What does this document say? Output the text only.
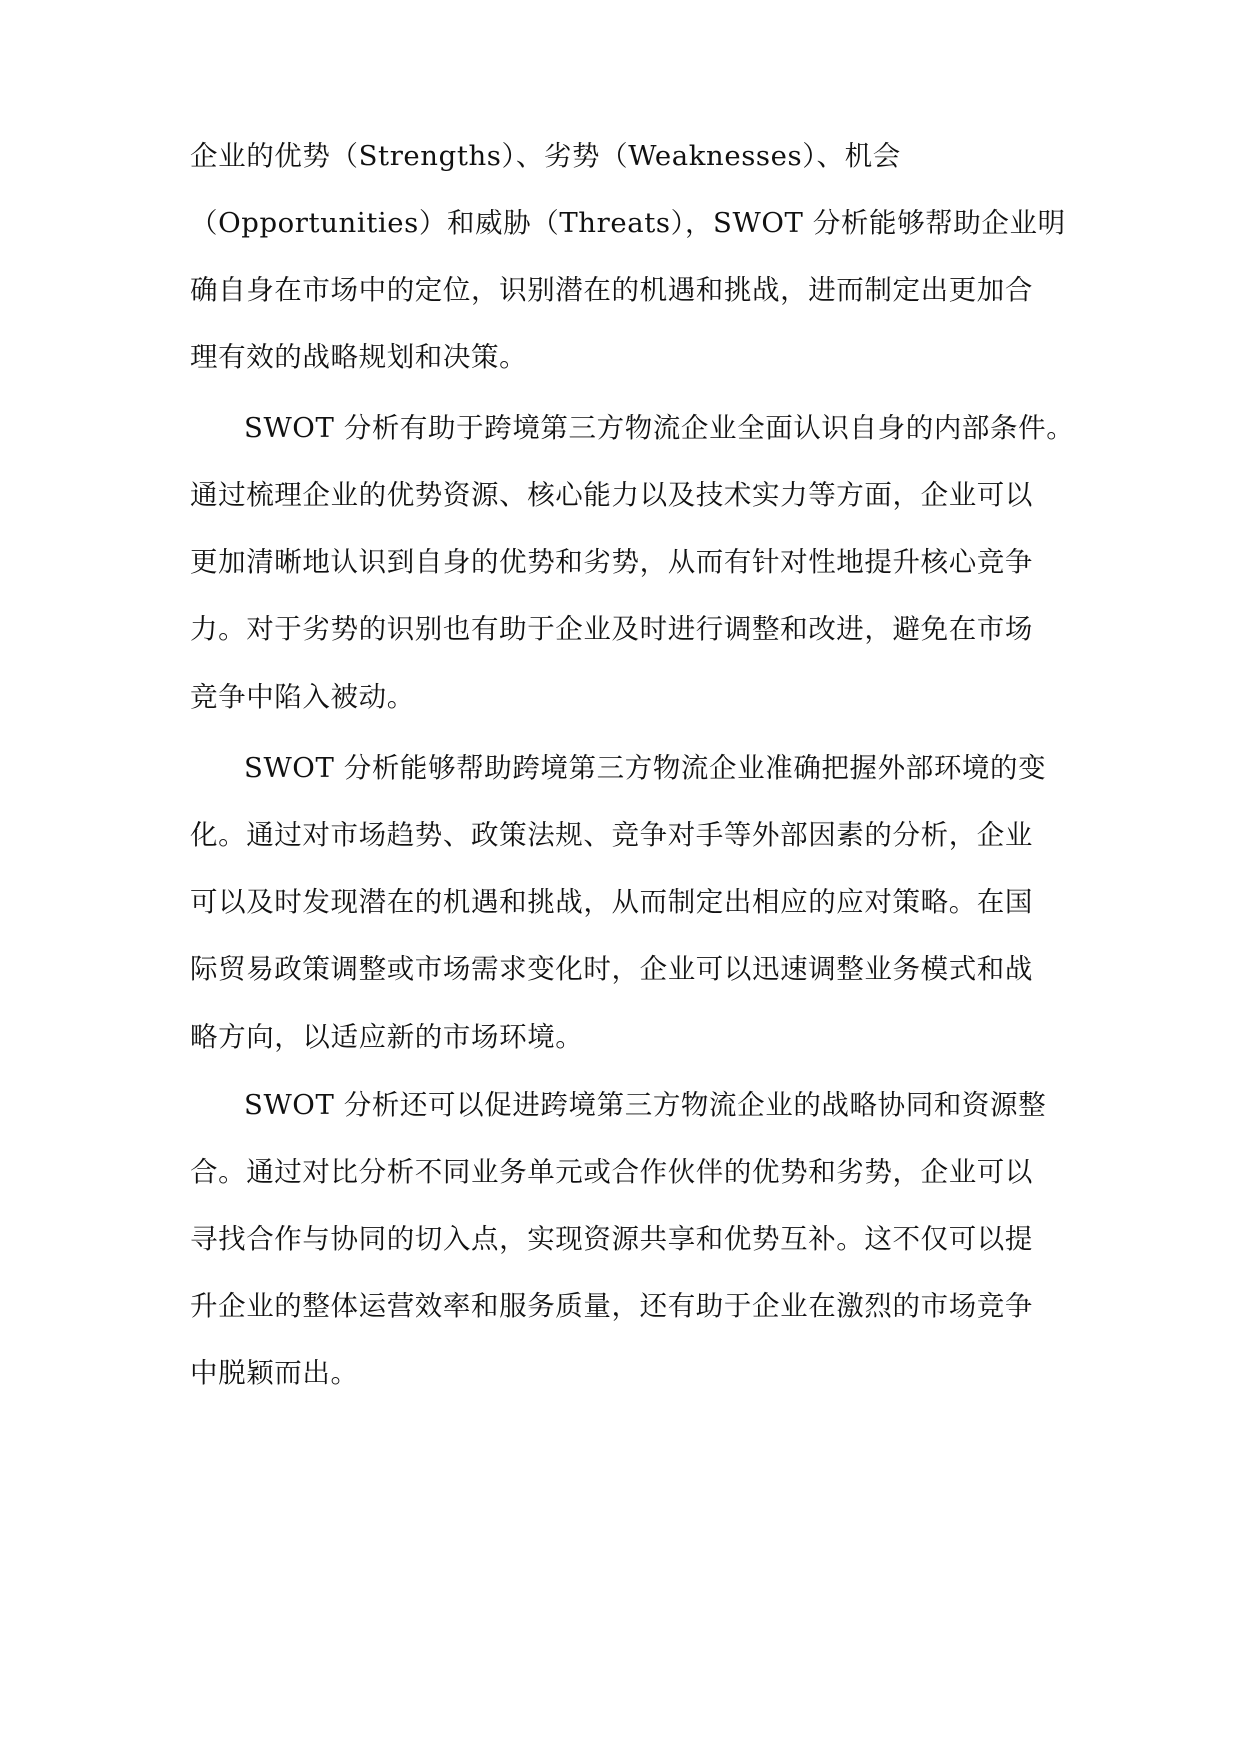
企业的优势（Strengths）、劣势（Weaknesses）、机会
（Opportunities）和威胁（Threats），SWOT 分析能够帮助企业明
确自身在市场中的定位，识别潜在的机遇和挑战，进而制定出更加合
理有效的战略规划和决策。
SWOT 分析有助于跨境第三方物流企业全面认识自身的内部条件。
通过梳理企业的优势资源、核心能力以及技术实力等方面，企业可以
更加清晰地认识到自身的优势和劣势，从而有针对性地提升核心竞争
力。对于劣势的识别也有助于企业及时进行调整和改进，避免在市场
竞争中陷入被动。
SWOT 分析能够帮助跨境第三方物流企业准确把握外部环境的变
化。通过对市场趋势、政策法规、竞争对手等外部因素的分析，企业
可以及时发现潜在的机遇和挑战，从而制定出相应的应对策略。在国
际贸易政策调整或市场需求变化时，企业可以迅速调整业务模式和战
略方向，以适应新的市场环境。
SWOT 分析还可以促进跨境第三方物流企业的战略协同和资源整
合。通过对比分析不同业务单元或合作伙伴的优势和劣势，企业可以
寻找合作与协同的切入点，实现资源共享和优势互补。这不仅可以提
升企业的整体运营效率和服务质量，还有助于企业在激烈的市场竞争
中脱颖而出。
